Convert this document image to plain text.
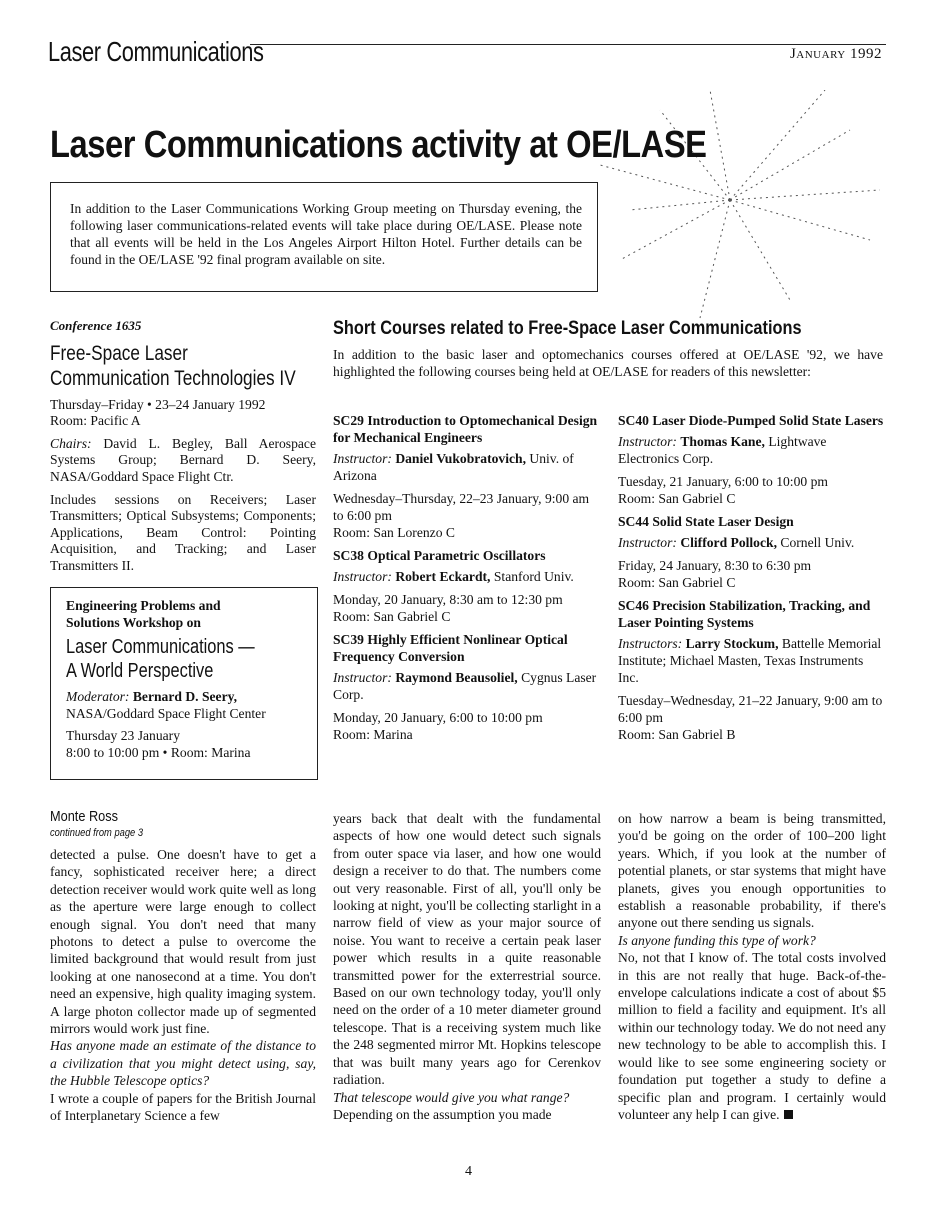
Laser Communications	January 1992
Laser Communications activity at OE/LASE
In addition to the Laser Communications Working Group meeting on Thursday evening, the following laser communications-related events will take place during OE/LASE. Please note that all events will be held in the Los Angeles Airport Hilton Hotel. Further details can be found in the OE/LASE '92 final program available on site.
Conference 1635
Free-Space Laser
Communication Technologies IV

Thursday–Friday • 23–24 January 1992

Room: Pacific A

Chairs: David L. Begley, Ball Aerospace Systems Group; Bernard D. Seery, NASA/Goddard Space Flight Ctr.

Includes sessions on Receivers; Laser Transmitters; Optical Subsystems; Components; Applications, Beam Control: Pointing Acquisition, and Tracking; and Laser Transmitters II.

Engineering Problems and
Solutions Workshop on
Laser Communications —
A World Perspective

Moderator: Bernard D. Seery,

NASA/Goddard Space Flight Center

Thursday 23 January

8:00 to 10:00 pm • Room: Marina

Short Courses related to Free-Space Laser Communications
In addition to the basic laser and optomechanics courses offered at OE/LASE '92, we have highlighted the following courses being held at OE/LASE for readers of this newsletter:
SC29 Introduction to Optomechanical Design for Mechanical Engineers

Instructor: Daniel Vukobratovich, Univ. of Arizona

Wednesday–Thursday, 22–23 January, 9:00 am to 6:00 pm

Room: San Lorenzo C

SC38 Optical Parametric Oscillators

Instructor: Robert Eckardt, Stanford Univ.

Monday, 20 January, 8:30 am to 12:30 pm

Room: San Gabriel C

SC39 Highly Efficient Nonlinear Optical Frequency Conversion

Instructor: Raymond Beausoliel, Cygnus Laser Corp.

Monday, 20 January, 6:00 to 10:00 pm

Room: Marina

SC40 Laser Diode-Pumped Solid State Lasers

Instructor: Thomas Kane, Lightwave Electronics Corp.

Tuesday, 21 January, 6:00 to 10:00 pm

Room: San Gabriel C

SC44 Solid State Laser Design

Instructor: Clifford Pollock, Cornell Univ.

Friday, 24 January, 8:30 to 6:30 pm

Room: San Gabriel C

SC46 Precision Stabilization, Tracking, and Laser Pointing Systems

Instructors: Larry Stockum, Battelle Memorial Institute; Michael Masten, Texas Instruments Inc.

Tuesday–Wednesday, 21–22 January, 9:00 am to 6:00 pm

Room: San Gabriel B

Monte Ross
continued from page 3

detected a pulse. One doesn't have to get a fancy, sophisticated receiver here; a direct detection receiver would work quite well as long as the aperture were large enough to collect enough signal. You don't need that many photons to detect a pulse to overcome the limited background that would result from just looking at one nanosecond at a time. You don't need an expensive, high quality imaging system. A large photon collector made up of segmented mirrors would work just fine.

Has anyone made an estimate of the distance to a civilization that you might detect using, say, the Hubble Telescope optics?

I wrote a couple of papers for the British Journal of Interplanetary Science a few

years back that dealt with the fundamental aspects of how one would detect such signals from outer space via laser, and how one would design a receiver to do that. The numbers come out very reasonable. First of all, you'll only be looking at night, you'll be collecting starlight in a narrow field of view as your major source of noise. You want to receive a certain peak laser power which results in a quite reasonable transmitted power for the exterrestrial source. Based on our own technology today, you'll only need on the order of a 10 meter diameter ground telescope. That is a receiving system much like the 248 segmented mirror Mt. Hopkins telescope that was built many years ago for Cerenkov radiation.

That telescope would give you what range?

Depending on the assumption you made

on how narrow a beam is being transmitted, you'd be going on the order of 100–200 light years. Which, if you look at the number of potential planets, or star systems that might have planets, gives you enough opportunities to establish a reasonable probability, if there's anyone out there sending us signals.

Is anyone funding this type of work?

No, not that I know of. The total costs involved in this are not really that huge. Back-of-the-envelope calculations indicate a cost of about $5 million to field a facility and equipment. It's all within our technology today. We do not need any new technology to be able to accomplish this. I would like to see some engineering society or foundation put together a study to define a specific plan and program. I certainly would volunteer any help I can give.

4
